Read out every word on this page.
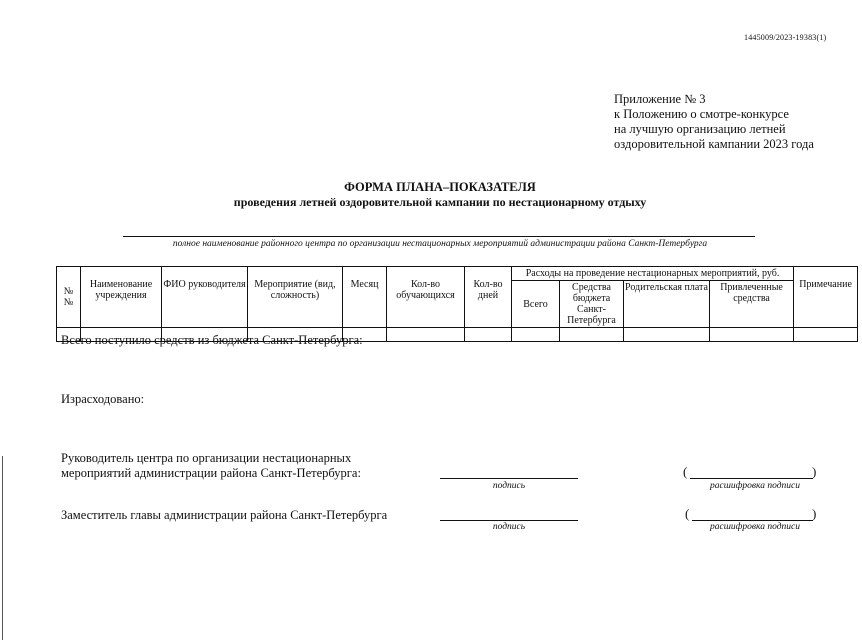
1445009/2023-19383(1)
Приложение № 3
к Положению о смотре-конкурсе
на лучшую организацию летней
оздоровительной кампании 2023 года
ФОРМА ПЛАНА–ПОКАЗАТЕЛЯ
проведения летней оздоровительной кампании по нестационарному отдыху
полное наименование районного центра по организации нестационарных мероприятий администрации района Санкт-Петербурга
№
№	Наименование учреждения	ФИО руководителя	Мероприятие (вид, сложность)	Месяц	Кол-во обучающихся	Кол-во дней	Расходы на проведение нестационарных мероприятий, руб.				Примечание
							Всего	Средства бюджета Санкт-Петербурга	Родительская плата	Привлеченные средства	

Всего поступило средств из бюджета Санкт-Петербурга:
Израсходовано:
Руководитель центра по организации нестационарных
мероприятий администрации района Санкт-Петербурга:
подпись
(	)
расшифровка подписи
Заместитель главы администрации района Санкт-Петербурга
подпись
(	)
расшифровка подписи
